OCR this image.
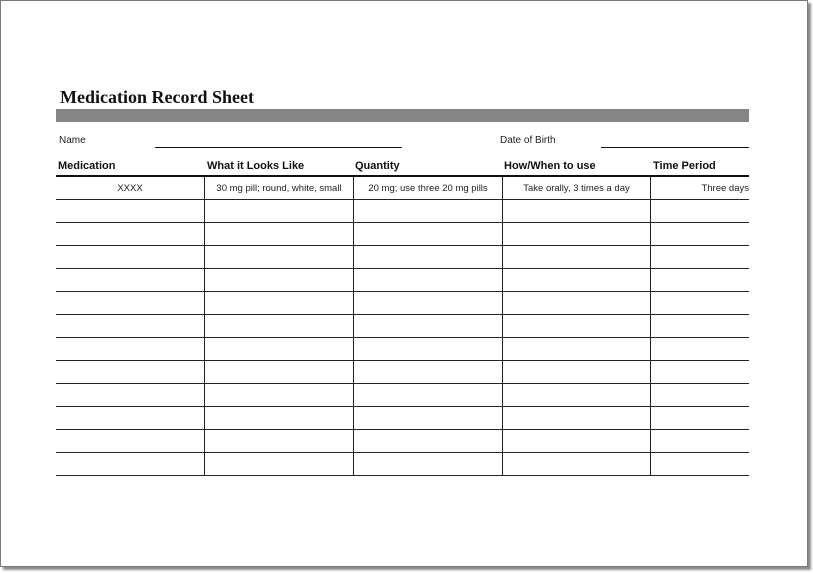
Medication Record Sheet
Name	Date of Birth
Medication	What it Looks Like	Quantity	How/When to use	Time Period
XXXX	30 mg pill; round, white, small	20 mg; use three 20 mg pills	Take orally, 3 times a day	Three days
